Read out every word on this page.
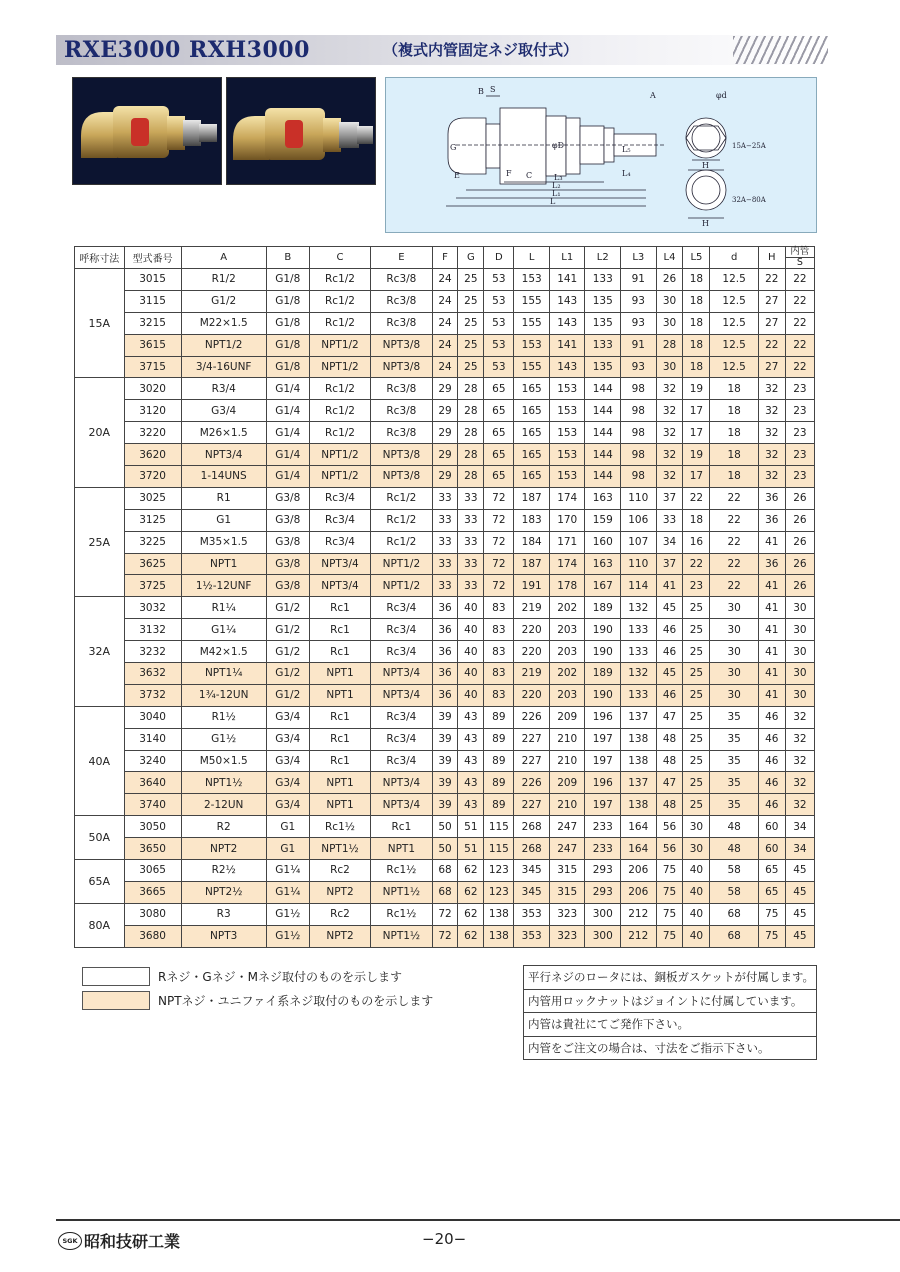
RXE3000 RXH3000	（複式内管固定ネジ取付式）
B S
A
G
E	F C
φD	L₅
L₄
L₃
L₂
L₁
L
φd
H
H
15A−25A
32A−80A
呼称寸法	型式番号	A	B	C	E	F	G	D	L	L1	L2	L3	L4	L5	d	H	内管
S

15A	3015	R1/2	G1/8	Rc1/2	Rc3/8	24	25	53	153	141	133	91	26	18	12.5	22	22
	3115	G1/2	G1/8	Rc1/2	Rc3/8	24	25	53	155	143	135	93	30	18	12.5	27	22
	3215	M22×1.5	G1/8	Rc1/2	Rc3/8	24	25	53	155	143	135	93	30	18	12.5	27	22
	3615	NPT1/2	G1/8	NPT1/2	NPT3/8	24	25	53	153	141	133	91	28	18	12.5	22	22
	3715	3/4-16UNF	G1/8	NPT1/2	NPT3/8	24	25	53	155	143	135	93	30	18	12.5	27	22
20A	3020	R3/4	G1/4	Rc1/2	Rc3/8	29	28	65	165	153	144	98	32	19	18	32	23
	3120	G3/4	G1/4	Rc1/2	Rc3/8	29	28	65	165	153	144	98	32	17	18	32	23
	3220	M26×1.5	G1/4	Rc1/2	Rc3/8	29	28	65	165	153	144	98	32	17	18	32	23
	3620	NPT3/4	G1/4	NPT1/2	NPT3/8	29	28	65	165	153	144	98	32	19	18	32	23
	3720	1-14UNS	G1/4	NPT1/2	NPT3/8	29	28	65	165	153	144	98	32	17	18	32	23
25A	3025	R1	G3/8	Rc3/4	Rc1/2	33	33	72	187	174	163	110	37	22	22	36	26
	3125	G1	G3/8	Rc3/4	Rc1/2	33	33	72	183	170	159	106	33	18	22	36	26
	3225	M35×1.5	G3/8	Rc3/4	Rc1/2	33	33	72	184	171	160	107	34	16	22	41	26
	3625	NPT1	G3/8	NPT3/4	NPT1/2	33	33	72	187	174	163	110	37	22	22	36	26
	3725	1½-12UNF	G3/8	NPT3/4	NPT1/2	33	33	72	191	178	167	114	41	23	22	41	26
32A	3032	R1¼	G1/2	Rc1	Rc3/4	36	40	83	219	202	189	132	45	25	30	41	30
	3132	G1¼	G1/2	Rc1	Rc3/4	36	40	83	220	203	190	133	46	25	30	41	30
	3232	M42×1.5	G1/2	Rc1	Rc3/4	36	40	83	220	203	190	133	46	25	30	41	30
	3632	NPT1¼	G1/2	NPT1	NPT3/4	36	40	83	219	202	189	132	45	25	30	41	30
	3732	1¾-12UN	G1/2	NPT1	NPT3/4	36	40	83	220	203	190	133	46	25	30	41	30
40A	3040	R1½	G3/4	Rc1	Rc3/4	39	43	89	226	209	196	137	47	25	35	46	32
	3140	G1½	G3/4	Rc1	Rc3/4	39	43	89	227	210	197	138	48	25	35	46	32
	3240	M50×1.5	G3/4	Rc1	Rc3/4	39	43	89	227	210	197	138	48	25	35	46	32
	3640	NPT1½	G3/4	NPT1	NPT3/4	39	43	89	226	209	196	137	47	25	35	46	32
	3740	2-12UN	G3/4	NPT1	NPT3/4	39	43	89	227	210	197	138	48	25	35	46	32
50A	3050	R2	G1	Rc1½	Rc1	50	51	115	268	247	233	164	56	30	48	60	34
	3650	NPT2	G1	NPT1½	NPT1	50	51	115	268	247	233	164	56	30	48	60	34
65A	3065	R2½	G1¼	Rc2	Rc1½	68	62	123	345	315	293	206	75	40	58	65	45
	3665	NPT2½	G1¼	NPT2	NPT1½	68	62	123	345	315	293	206	75	40	58	65	45
80A	3080	R3	G1½	Rc2	Rc1½	72	62	138	353	323	300	212	75	40	68	75	45
	3680	NPT3	G1½	NPT2	NPT1½	72	62	138	353	323	300	212	75	40	68	75	45
Rネジ・Gネジ・Mネジ取付のものを示します
NPTネジ・ユニファイ系ネジ取付のものを示します
平行ネジのロータには、銅板ガスケットが付属します。
内管用ロックナットはジョイントに付属しています。
内管は貴社にてご発作下さい。
内管をご注文の場合は、寸法をご指示下さい。
SGK 昭和技研工業	−20−
